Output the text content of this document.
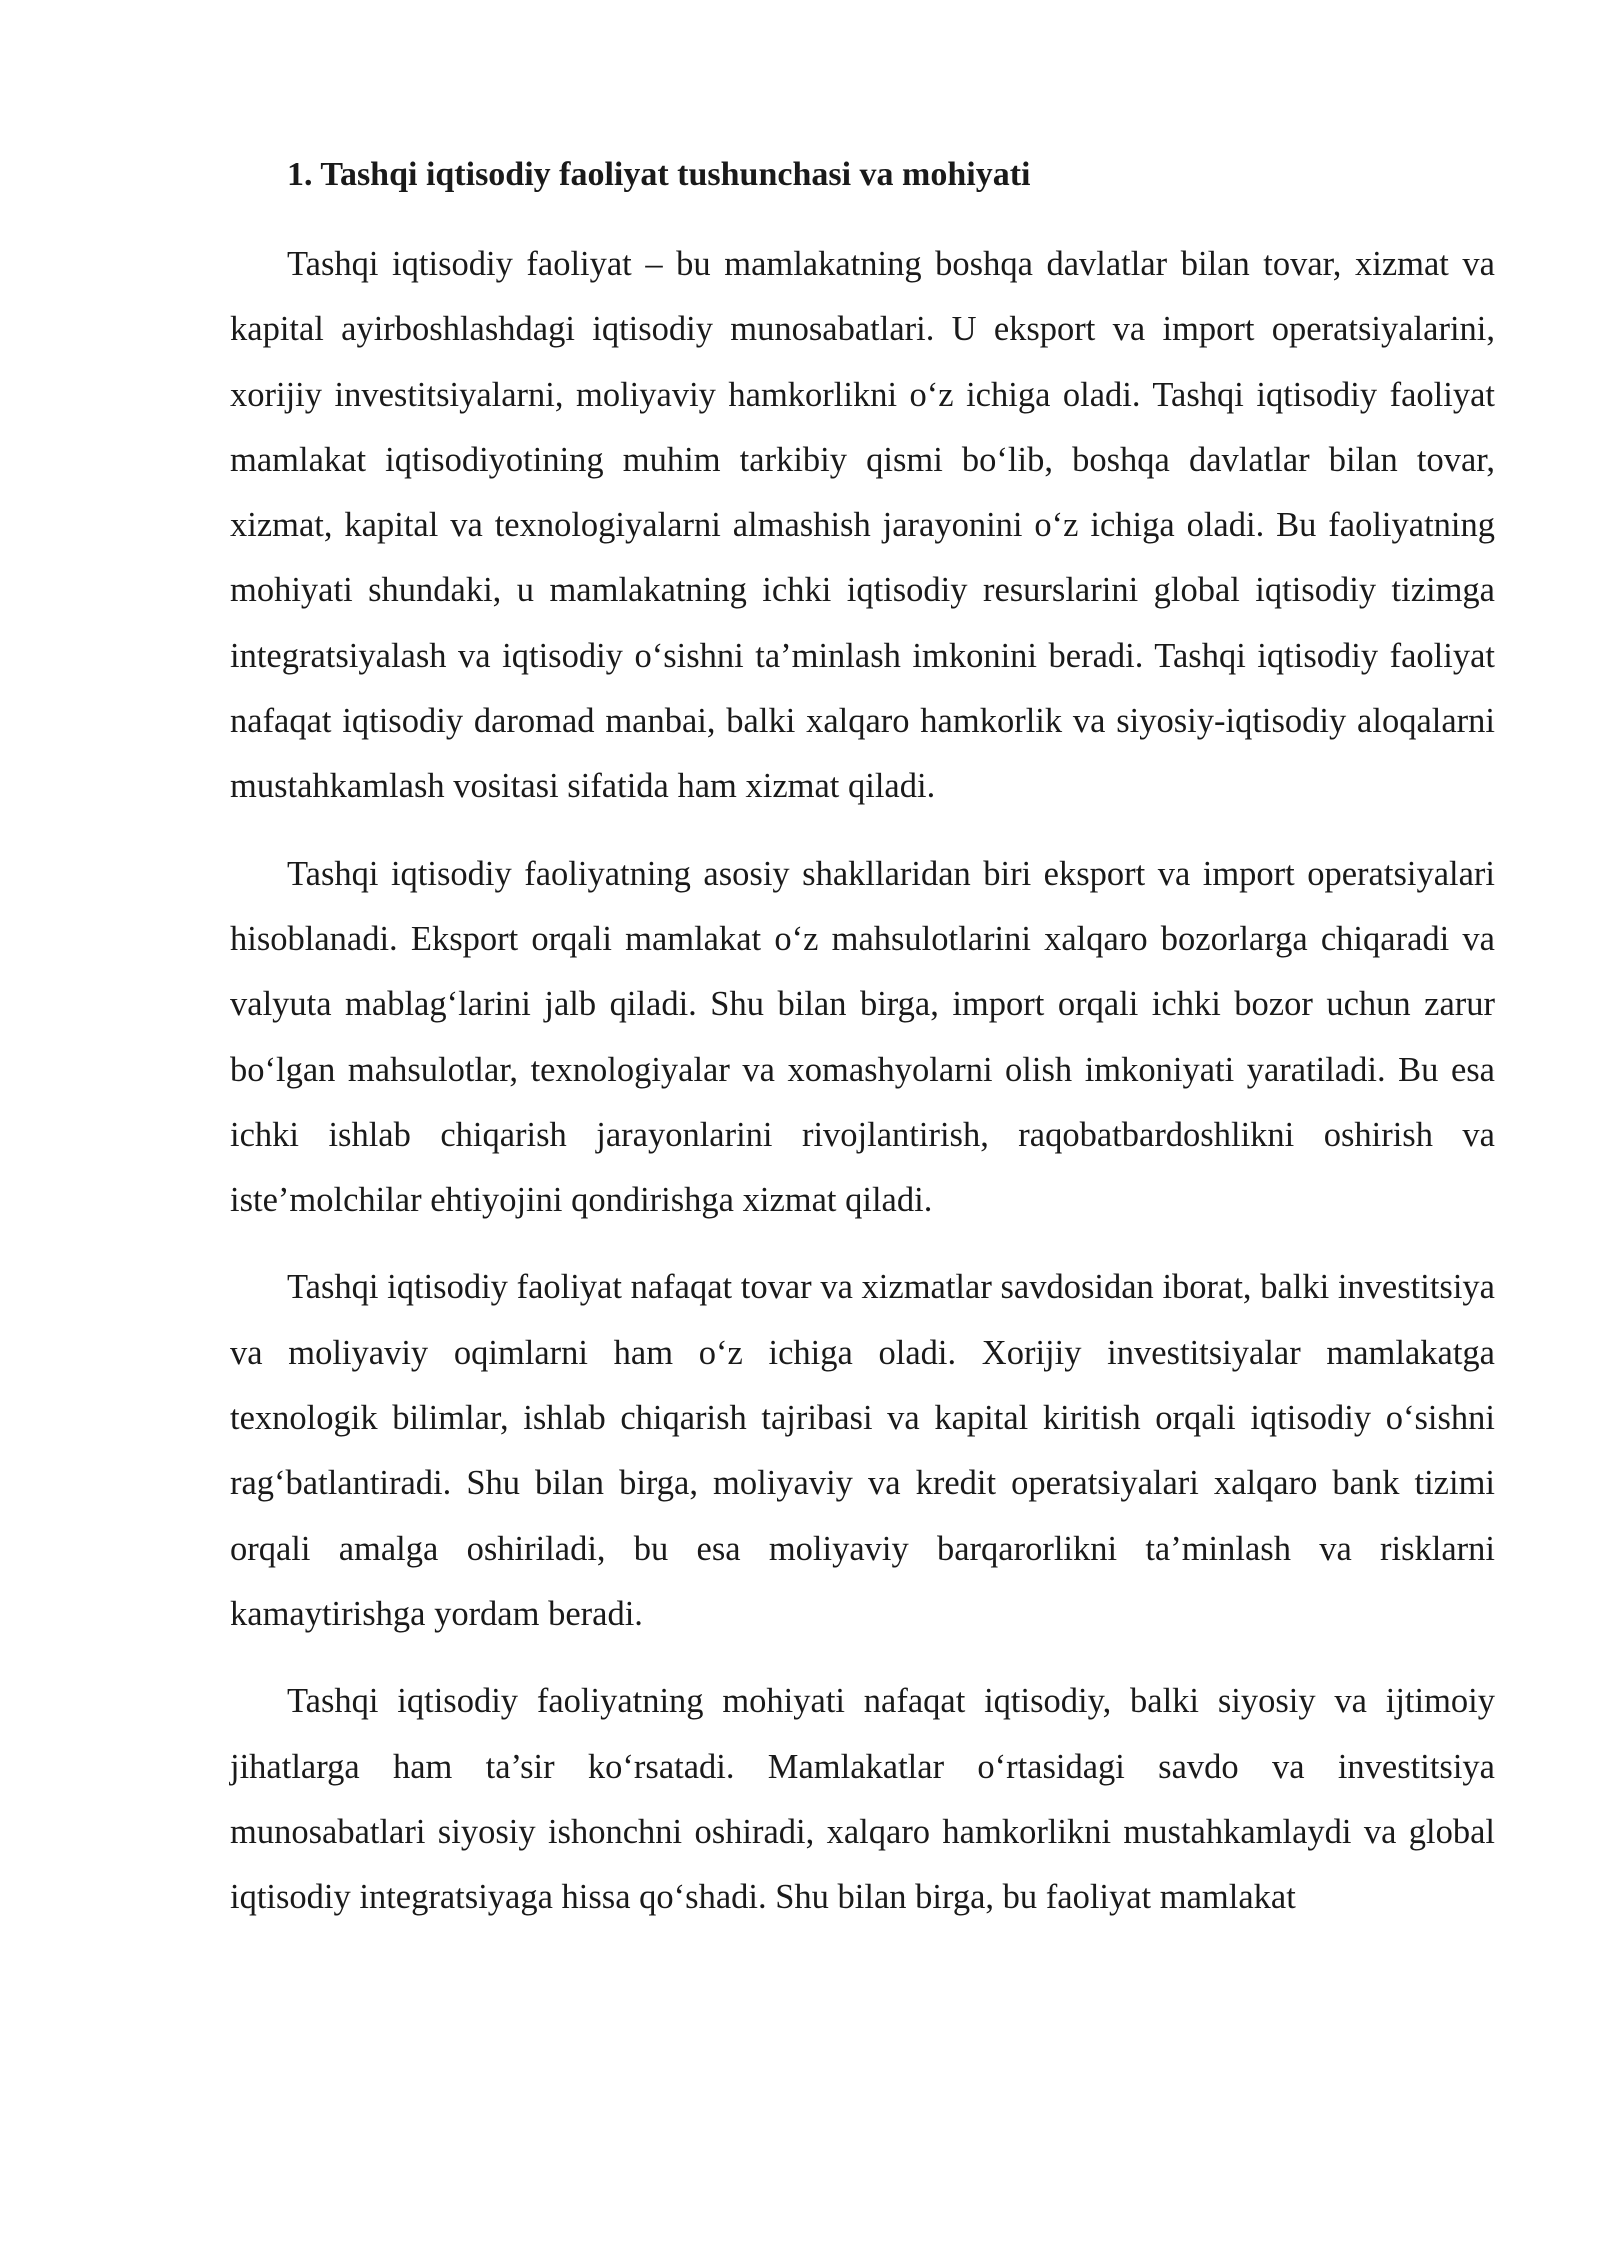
1. Tashqi iqtisodiy faoliyat tushunchasi va mohiyati

Tashqi iqtisodiy faoliyat – bu mamlakatning boshqa davlatlar bilan tovar, xizmat va kapital ayirboshlashdagi iqtisodiy munosabatlari. U eksport va import operatsiyalarini, xorijiy investitsiyalarni, moliyaviy hamkorlikni o‘z ichiga oladi. Tashqi iqtisodiy faoliyat mamlakat iqtisodiyotining muhim tarkibiy qismi bo‘lib, boshqa davlatlar bilan tovar, xizmat, kapital va texnologiyalarni almashish jarayonini o‘z ichiga oladi. Bu faoliyatning mohiyati shundaki, u mamlakatning ichki iqtisodiy resurslarini global iqtisodiy tizimga integratsiyalash va iqtisodiy o‘sishni ta’minlash imkonini beradi. Tashqi iqtisodiy faoliyat nafaqat iqtisodiy daromad manbai, balki xalqaro hamkorlik va siyosiy-iqtisodiy aloqalarni mustahkamlash vositasi sifatida ham xizmat qiladi.

Tashqi iqtisodiy faoliyatning asosiy shakllaridan biri eksport va import operatsiyalari hisoblanadi. Eksport orqali mamlakat o‘z mahsulotlarini xalqaro bozorlarga chiqaradi va valyuta mablag‘larini jalb qiladi. Shu bilan birga, import orqali ichki bozor uchun zarur bo‘lgan mahsulotlar, texnologiyalar va xomashyolarni olish imkoniyati yaratiladi. Bu esa ichki ishlab chiqarish jarayonlarini rivojlantirish, raqobatbardoshlikni oshirish va iste’molchilar ehtiyojini qondirishga xizmat qiladi.

Tashqi iqtisodiy faoliyat nafaqat tovar va xizmatlar savdosidan iborat, balki investitsiya va moliyaviy oqimlarni ham o‘z ichiga oladi. Xorijiy investitsiyalar mamlakatga texnologik bilimlar, ishlab chiqarish tajribasi va kapital kiritish orqali iqtisodiy o‘sishni rag‘batlantiradi. Shu bilan birga, moliyaviy va kredit operatsiyalari xalqaro bank tizimi orqali amalga oshiriladi, bu esa moliyaviy barqarorlikni ta’minlash va risklarni kamaytirishga yordam beradi.

Tashqi iqtisodiy faoliyatning mohiyati nafaqat iqtisodiy, balki siyosiy va ijtimoiy jihatlarga ham ta’sir ko‘rsatadi. Mamlakatlar o‘rtasidagi savdo va investitsiya munosabatlari siyosiy ishonchni oshiradi, xalqaro hamkorlikni mustahkamlaydi va global iqtisodiy integratsiyaga hissa qo‘shadi. Shu bilan birga, bu faoliyat mamlakat
